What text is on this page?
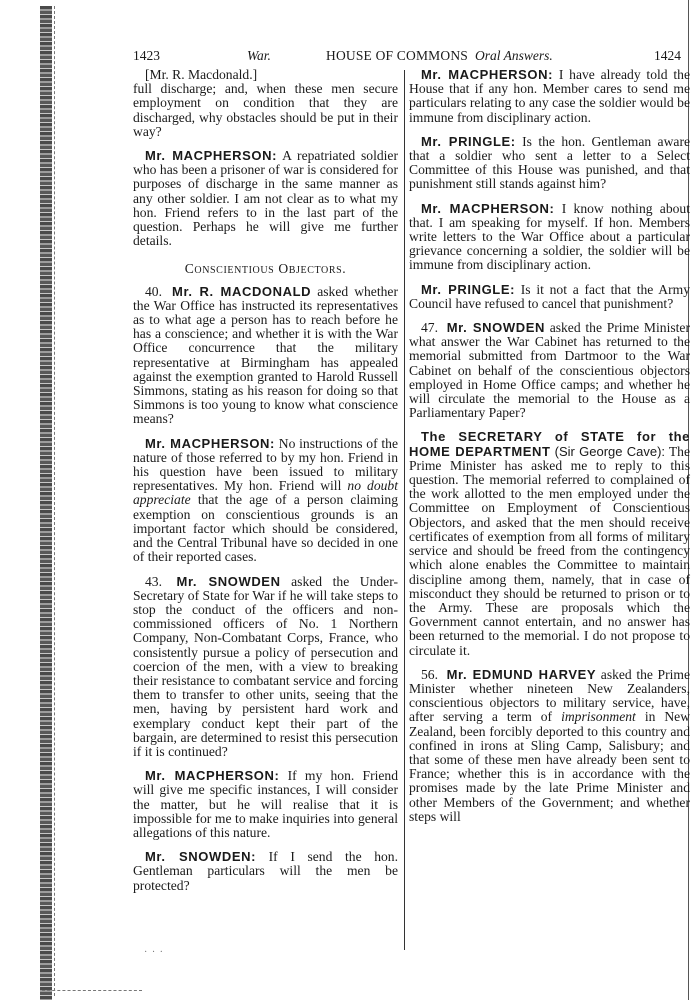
1423	War.	HOUSE OF COMMONS Oral Answers.	1424
[Mr. R. Macdonald.]

full discharge; and, when these men secure employment on condition that they are discharged, why obstacles should be put in their way?

Mr. MACPHERSON: A repatriated soldier who has been a prisoner of war is considered for purposes of discharge in the same manner as any other soldier. I am not clear as to what my hon. Friend refers to in the last part of the question. Perhaps he will give me further details.

Conscientious Objectors.

40. Mr. R. MACDONALD asked whether the War Office has instructed its representatives as to what age a person has to reach before he has a conscience; and whether it is with the War Office concurrence that the military representative at Birmingham has appealed against the exemption granted to Harold Russell Simmons, stating as his reason for doing so that Simmons is too young to know what conscience means?

Mr. MACPHERSON: No instructions of the nature of those referred to by my hon. Friend in his question have been issued to military representatives. My hon. Friend will no doubt appreciate that the age of a person claiming exemption on conscientious grounds is an important factor which should be considered, and the Central Tribunal have so decided in one of their reported cases.

43. Mr. SNOWDEN asked the Under-Secretary of State for War if he will take steps to stop the conduct of the officers and non-commissioned officers of No. 1 Northern Company, Non-Combatant Corps, France, who consistently pursue a policy of persecution and coercion of the men, with a view to breaking their resistance to combatant service and forcing them to transfer to other units, seeing that the men, having by persistent hard work and exemplary conduct kept their part of the bargain, are determined to resist this persecution if it is continued?

Mr. MACPHERSON: If my hon. Friend will give me specific instances, I will consider the matter, but he will realise that it is impossible for me to make inquiries into general allegations of this nature.

Mr. SNOWDEN: If I send the hon. Gentleman particulars will the men be protected?

Mr. MACPHERSON: I have already told the House that if any hon. Member cares to send me particulars relating to any case the soldier would be immune from disciplinary action.

Mr. PRINGLE: Is the hon. Gentleman aware that a soldier who sent a letter to a Select Committee of this House was punished, and that punishment still stands against him?

Mr. MACPHERSON: I know nothing about that. I am speaking for myself. If hon. Members write letters to the War Office about a particular grievance concerning a soldier, the soldier will be immune from disciplinary action.

Mr. PRINGLE: Is it not a fact that the Army Council have refused to cancel that punishment?

47. Mr. SNOWDEN asked the Prime Minister what answer the War Cabinet has returned to the memorial submitted from Dartmoor to the War Cabinet on behalf of the conscientious objectors employed in Home Office camps; and whether he will circulate the memorial to the House as a Parliamentary Paper?

The SECRETARY of STATE for the HOME DEPARTMENT (Sir George Cave): The Prime Minister has asked me to reply to this question. The memorial referred to complained of the work allotted to the men employed under the Committee on Employment of Conscientious Objectors, and asked that the men should receive certificates of exemption from all forms of military service and should be freed from the contingency which alone enables the Committee to maintain discipline among them, namely, that in case of misconduct they should be returned to prison or to the Army. These are proposals which the Government cannot entertain, and no answer has been returned to the memorial. I do not propose to circulate it.

56. Mr. EDMUND HARVEY asked the Prime Minister whether nineteen New Zealanders, conscientious objectors to military service, have, after serving a term of imprisonment in New Zealand, been forcibly deported to this country and confined in irons at Sling Camp, Salisbury; and that some of these men have already been sent to France; whether this is in accordance with the promises made by the late Prime Minister and other Members of the Government; and whether steps will

· · ·
